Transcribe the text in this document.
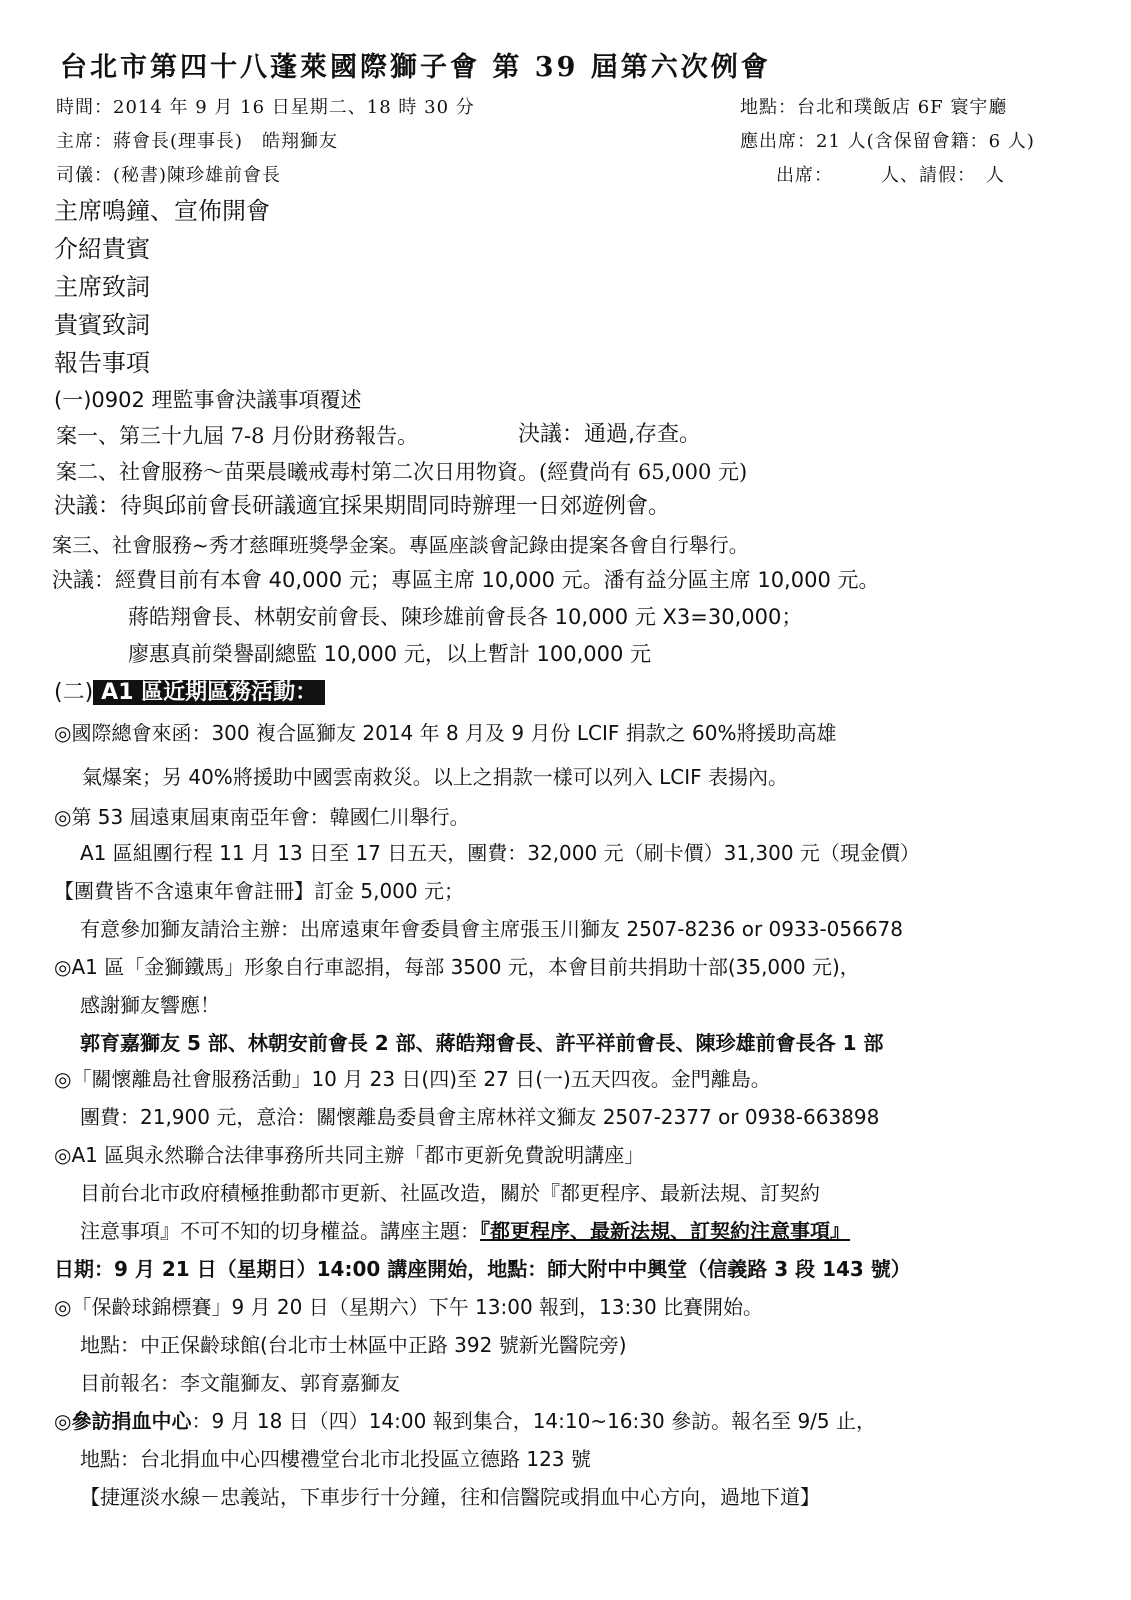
台北市第四十八蓬萊國際獅子會 第 39 屆第六次例會
時間：2014 年 9 月 16 日星期二、18 時 30 分	地點：台北和璞飯店 6F 寰宇廳
主席：蔣會長(理事長)　皓翔獅友	應出席：21 人(含保留會籍：6 人)
司儀：(秘書)陳珍雄前會長	出席：　　　人、請假：　人
主席鳴鐘、宣佈開會
介紹貴賓
主席致詞
貴賓致詞
報告事項
(一)0902 理監事會決議事項覆述
案一、第三十九屆 7-8 月份財務報告。	決議：通過,存查。
案二、社會服務～苗栗晨曦戒毒村第二次日用物資。(經費尚有 65,000 元)
決議：待與邱前會長研議適宜採果期間同時辦理一日郊遊例會。
案三、社會服務~秀才慈暉班獎學金案。專區座談會記錄由提案各會自行舉行。
決議：經費目前有本會 40,000 元；專區主席 10,000 元。潘有益分區主席 10,000 元。
蔣皓翔會長、林朝安前會長、陳珍雄前會長各 10,000 元 X3=30,000；
廖惠真前榮譽副總監 10,000 元，以上暫計 100,000 元
(二) A1 區近期區務活動：
◎國際總會來函：300 複合區獅友 2014 年 8 月及 9 月份 LCIF 捐款之 60%將援助高雄
氣爆案；另 40%將援助中國雲南救災。以上之捐款一樣可以列入 LCIF 表揚內。
◎第 53 屆遠東屆東南亞年會：韓國仁川舉行。
A1 區組團行程 11 月 13 日至 17 日五天，團費：32,000 元（刷卡價）31,300 元（現金價）
【團費皆不含遠東年會註冊】訂金 5,000 元；
有意參加獅友請洽主辦：出席遠東年會委員會主席張玉川獅友 2507-8236 or 0933-056678
◎A1 區「金獅鐵馬」形象自行車認捐，每部 3500 元，本會目前共捐助十部(35,000 元)，
感謝獅友響應！
郭育嘉獅友 5 部、林朝安前會長 2 部、蔣皓翔會長、許平祥前會長、陳珍雄前會長各 1 部
◎「關懷離島社會服務活動」10 月 23 日(四)至 27 日(一)五天四夜。金門離島。
團費：21,900 元，意洽：關懷離島委員會主席林祥文獅友 2507-2377 or 0938-663898
◎A1 區與永然聯合法律事務所共同主辦「都市更新免費說明講座」
目前台北市政府積極推動都市更新、社區改造，關於『都更程序、最新法規、訂契約
注意事項』不可不知的切身權益。講座主題：『都更程序、最新法規、訂契約注意事項』
日期：9 月 21 日（星期日）14:00 講座開始，地點：師大附中中興堂（信義路 3 段 143 號）
◎「保齡球錦標賽」9 月 20 日（星期六）下午 13:00 報到，13:30 比賽開始。
地點：中正保齡球館(台北市士林區中正路 392 號新光醫院旁)
目前報名：李文龍獅友、郭育嘉獅友
◎參訪捐血中心：9 月 18 日（四）14:00 報到集合，14:10~16:30 參訪。報名至 9/5 止，
地點：台北捐血中心四樓禮堂台北市北投區立德路 123 號
【捷運淡水線－忠義站，下車步行十分鐘，往和信醫院或捐血中心方向，過地下道】
